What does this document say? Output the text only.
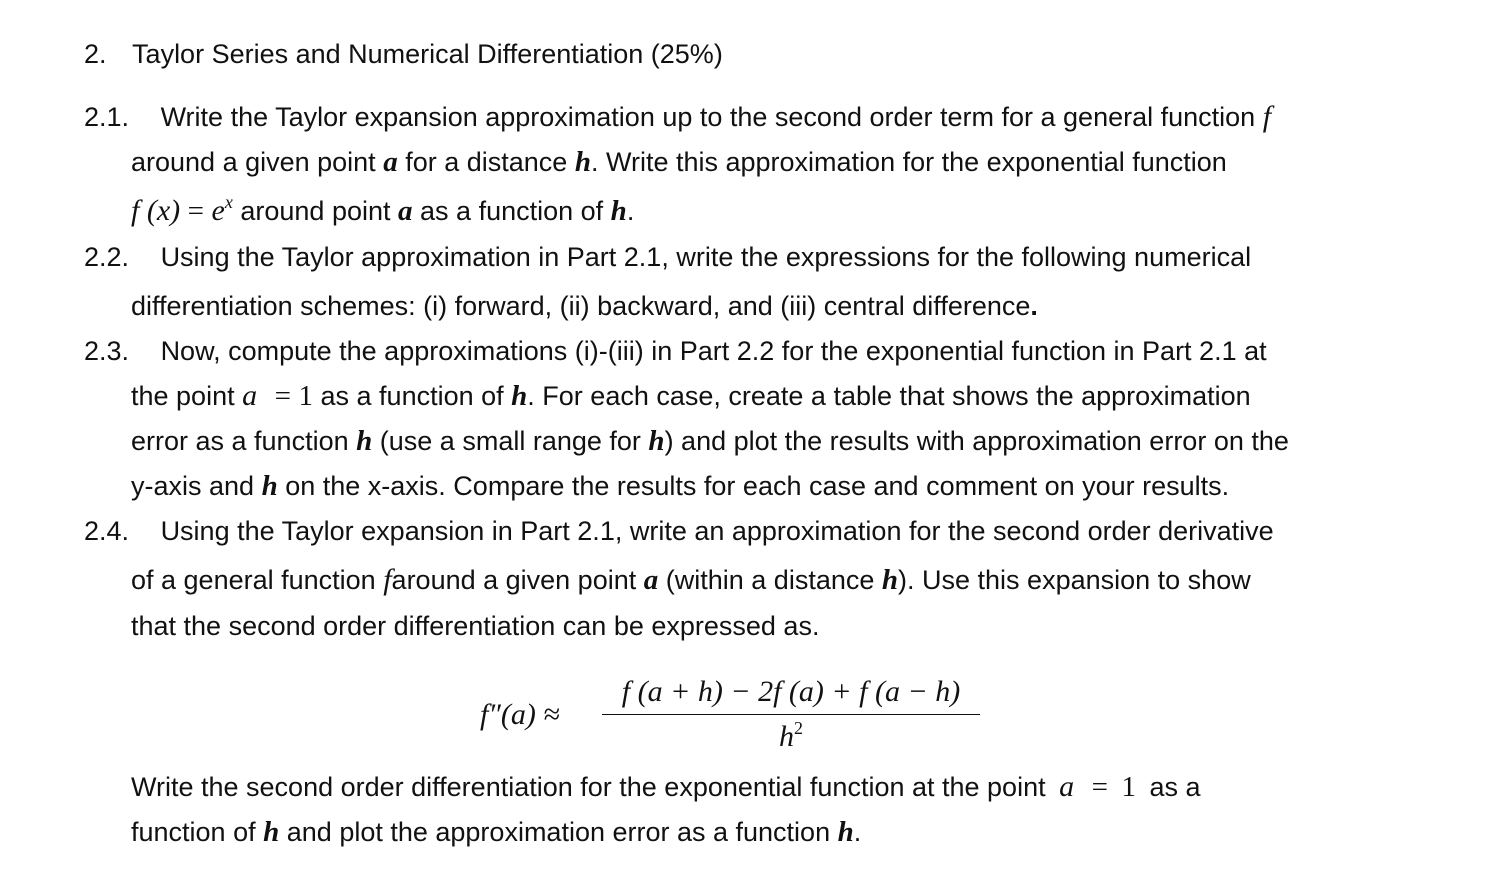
2. Taylor Series and Numerical Differentiation (25%)
2.1. Write the Taylor expansion approximation up to the second order term for a general function f
around a given point a for a distance h. Write this approximation for the exponential function
f $(x) = e^x$ around point a as a function of h.
2.2. Using the Taylor approximation in Part 2.1, write the expressions for the following numerical
differentiation schemes: (i) forward, (ii) backward, and (iii) central difference.
2.3. Now, compute the approximations (i)-(iii) in Part 2.2 for the exponential function in Part 2.1 at
the point a = 1 as a function of h. For each case, create a table that shows the approximation
error as a function h (use a small range for h) and plot the results with approximation error on the
y-axis and h on the x-axis. Compare the results for each case and comment on your results.
2.4. Using the Taylor expansion in Part 2.1, write an approximation for the second order derivative
of a general function faround a given point a (within a distance h). Use this expansion to show
that the second order differentiation can be expressed as.
f″(a) ≈
f (a + h) − 2f (a) + f (a − h)
$h^2$
Write the second order differentiation for the exponential function at the point a = 1 as a
function of h and plot the approximation error as a function h.
